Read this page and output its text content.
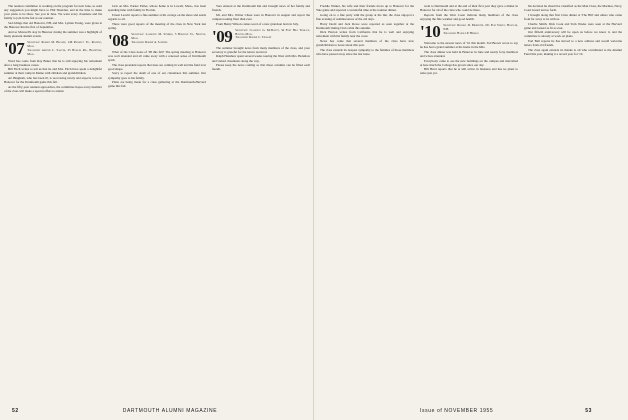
The reunion committee is working on the program for next June, so send any suggestion you might have to Phil Sheridan, and in the time to make your plans to be there. See you in June. We want every classmate and his family to join in the fun at our reunion.

Sad tidings that old Hanover, NH, and Mrs. Lyman Young, were given at the Hanover Inn the first of September.

And so Maxwell's stay in Hanover during the summer was a highlight of many pleasant alumni events.

'07 Secretary: Robert M. Bleakie, 146 Prospect St., Reading, Mass.
Treasurer: Arthur L. Sawyer, 25 Bowles Rd., Braintree, Mass.

Word has come from Ray Baker that he is still enjoying his retirement after a long business career.

Bill Fitch writes to tell us that he and Mrs. Fitch have spent a delightful summer at their camp in Maine with children and grandchildren.

Art Bingham, who has been ill, is recovering nicely and expects to be in Hanover for the Dartmouth game this fall.

As the fifty-year reunion approaches, the committee hopes every member of the class will make a special effort to attend.

Jack on Mrs. Parker Fuller, whose home is in Lowell, Mass., has been spending time with family in Florida.

Ernest Leavitt reports a fine summer at his cottage on the shore and sends regards to all.

There were good reports of the meeting of the class in New York last spring.

'08 Secretary: Laurence M. Symmes, 3 Bowdoin St., Newton, Mass.
Treasurer: Robert A. Sanders

What of the Class notes of '08 this fall? The spring meeting at Hanover was well attended and all came away with a renewed sense of Dartmouth spirit.

The class president reports that dues are coming in well and the fund is in good shape.

Sorry to report the death of one of our classmates this summer. Our sympathy goes to his family.

Plans are being made for a class gathering at the Dartmouth-Harvard game this fall.

Vera entered at the Dartmouth Inn and brought news of her family and friends.

Mr. and Mrs. Walter Chase were in Hanover in August and report the campus looking finer than ever.

From Henry Wilson comes word of a new grandson born in July.

'09 Secretary: Clarence G. McDavitt, 34 Fort Hill Terrace, Boston, Mass.
Treasurer: Robert C. Stewart

The summer brought news from many members of the class, and your secretary is grateful for the letters received.

Ralph Henshaw spent several weeks touring the West with Mrs. Henshaw and visited classmates along the way.

Please keep the news coming so that these columns can be filled each month.

Freddie Walker, his wife and their friends drove up to Hanover for the Yale game and reported a wonderful time at the reunion dinner.

Going on to a fine party with the group at the Inn, the class enjoyed a fine evening of reminiscences of the old days.

Harry Dodd and Jack Rowe were reported as seen together at the Dartmouth Outing Club cabin this autumn.

Dick Horton writes from California that he is well and enjoying retirement with his family near the coast.

News has come that several members of the class have new grandchildren to boast about this year.

The class extends its deepest sympathy to the families of those members who have passed away since the last issue.

went to Dartmouth and at the end of their first year they gave a dinner in Hanover for all of the class who could be there.

Reports from the West Coast indicate many members of the class enjoying the fine weather and good health.

'10 Secretary: Russell D. Meredith, 101 Elm Street, Hanover, N.H.
Treasurer: Harold P. Hinman

Welcome to the newest news of '10 this month. Ted Brown wrote to say he has had a grand summer at his home in the hills.

The class dinner was held in Hanover in June and nearly forty members and wives attended.

Everybody came to see the new buildings on the campus and marvelled at how much the College has grown since our day.

Bill Hurd reports that he is still active in business and has no plans to retire just yet.

his decision he should be classified as the Man Class, the Marines, Navy, Coast Guard and so forth.

I brought along that first Class dinner at 'The Hill' and others who came from far away to be with us.

Charlie Smith, Dick Cook and Tom Weeks were seen at the Harvard game and looked as fit as ever.

Our fiftieth anniversary will be upon us before we know it, and the committee is already at work on plans.

Earl Ball reports he has moved to a new address and would welcome letters from old friends.

The class again extends its thanks to all who contributed to the Alumni Fund this year, making it a record year for '10.

52	DARTMOUTH ALUMNI MAGAZINE	Issue of NOVEMBER 1955	53
